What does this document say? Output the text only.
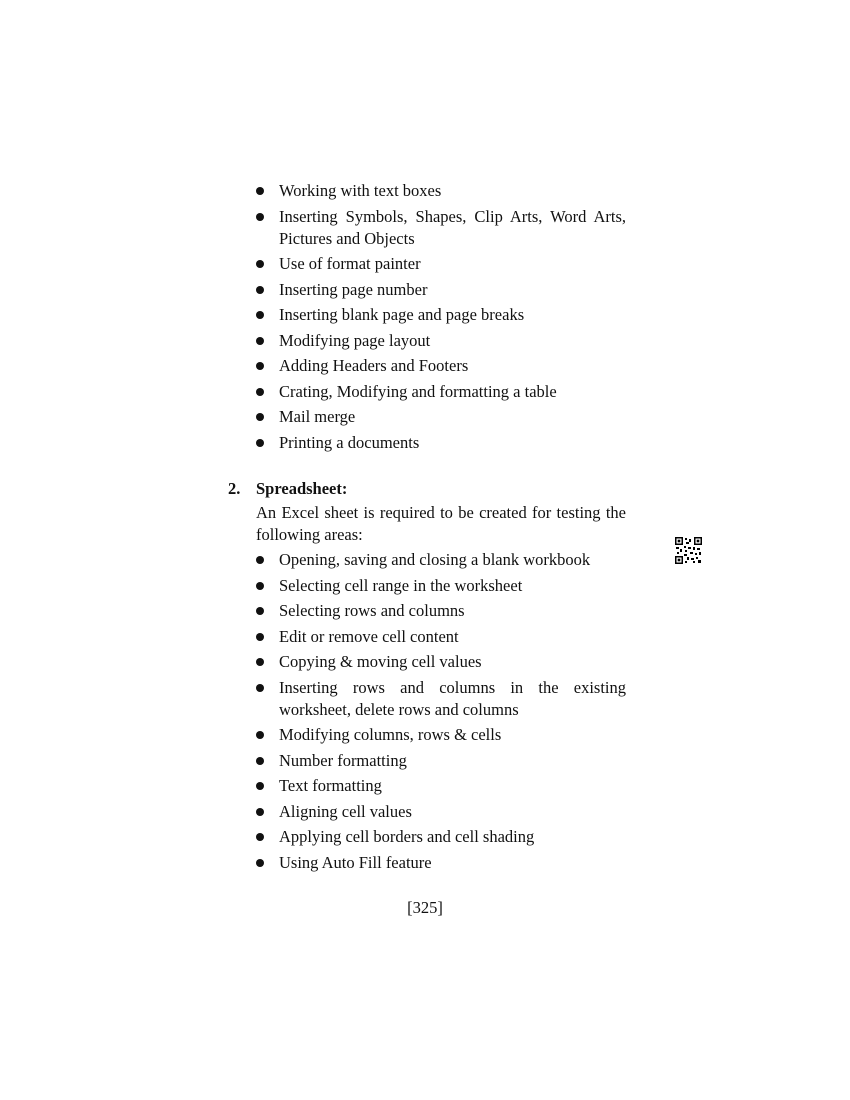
Working with text boxes
Inserting Symbols, Shapes, Clip Arts, Word Arts, Pictures and Objects
Use of format painter
Inserting page number
Inserting blank page and page breaks
Modifying page layout
Adding Headers and Footers
Crating, Modifying and formatting a table
Mail merge
Printing a documents
2. Spreadsheet:
An Excel sheet is required to be created for testing the following areas:
Opening, saving and closing a blank workbook
Selecting cell range in the worksheet
Selecting rows and columns
Edit or remove cell content
Copying & moving cell values
Inserting rows and columns in the existing worksheet, delete rows and columns
Modifying columns, rows & cells
Number formatting
Text formatting
Aligning cell values
Applying cell borders and cell shading
Using Auto Fill feature
[325]
